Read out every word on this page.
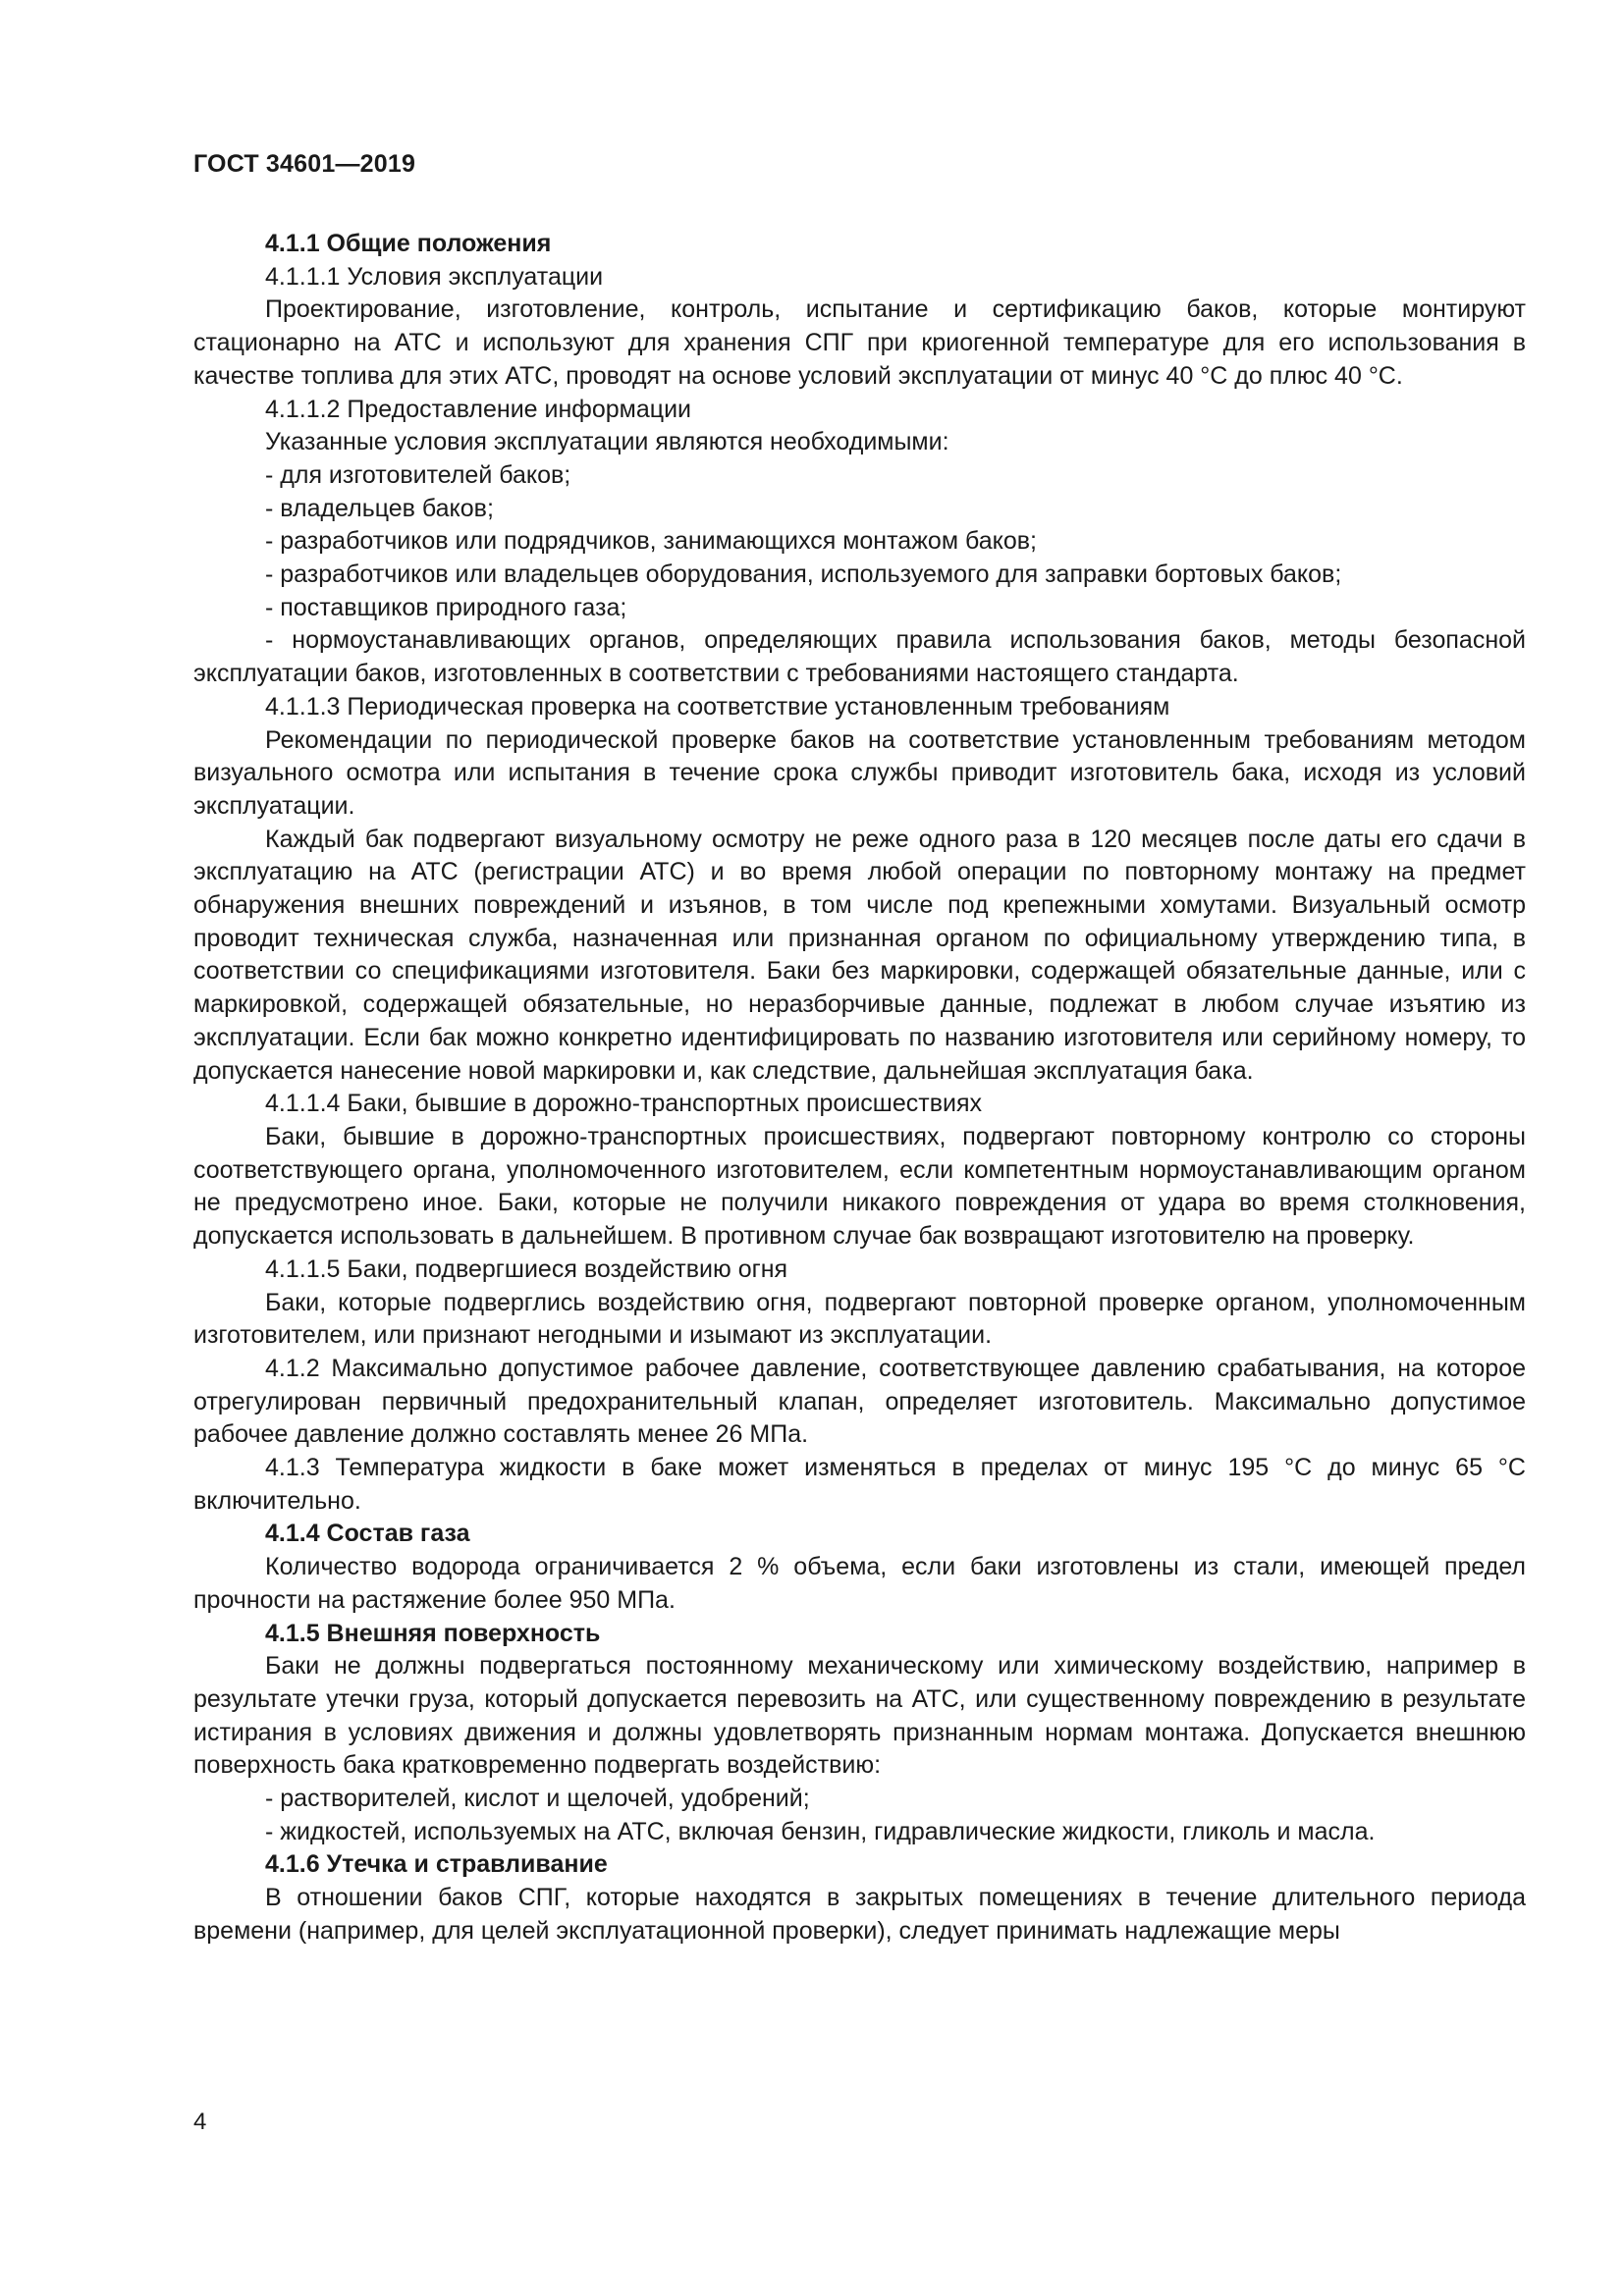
ГОСТ 34601—2019

4.1.1 Общие положения

4.1.1.1 Условия эксплуатации

Проектирование, изготовление, контроль, испытание и сертификацию баков, которые монтируют стационарно на АТС и используют для хранения СПГ при криогенной температуре для его использования в качестве топлива для этих АТС, проводят на основе условий эксплуатации от минус 40 °С до плюс 40 °С.

4.1.1.2 Предоставление информации

Указанные условия эксплуатации являются необходимыми:

- для изготовителей баков;

- владельцев баков;

- разработчиков или подрядчиков, занимающихся монтажом баков;

- разработчиков или владельцев оборудования, используемого для заправки бортовых баков;

- поставщиков природного газа;

- нормоустанавливающих органов, определяющих правила использования баков, методы безопасной эксплуатации баков, изготовленных в соответствии с требованиями настоящего стандарта.

4.1.1.3 Периодическая проверка на соответствие установленным требованиям

Рекомендации по периодической проверке баков на соответствие установленным требованиям методом визуального осмотра или испытания в течение срока службы приводит изготовитель бака, исходя из условий эксплуатации.

Каждый бак подвергают визуальному осмотру не реже одного раза в 120 месяцев после даты его сдачи в эксплуатацию на АТС (регистрации АТС) и во время любой операции по повторному монтажу на предмет обнаружения внешних повреждений и изъянов, в том числе под крепежными хомутами. Визуальный осмотр проводит техническая служба, назначенная или признанная органом по официальному утверждению типа, в соответствии со спецификациями изготовителя. Баки без маркировки, содержащей обязательные данные, или с маркировкой, содержащей обязательные, но неразборчивые данные, подлежат в любом случае изъятию из эксплуатации. Если бак можно конкретно идентифицировать по названию изготовителя или серийному номеру, то допускается нанесение новой маркировки и, как следствие, дальнейшая эксплуатация бака.

4.1.1.4 Баки, бывшие в дорожно-транспортных происшествиях

Баки, бывшие в дорожно-транспортных происшествиях, подвергают повторному контролю со стороны соответствующего органа, уполномоченного изготовителем, если компетентным нормоустанавливающим органом не предусмотрено иное. Баки, которые не получили никакого повреждения от удара во время столкновения, допускается использовать в дальнейшем. В противном случае бак возвращают изготовителю на проверку.

4.1.1.5 Баки, подвергшиеся воздействию огня

Баки, которые подверглись воздействию огня, подвергают повторной проверке органом, уполномоченным изготовителем, или признают негодными и изымают из эксплуатации.

4.1.2 Максимально допустимое рабочее давление, соответствующее давлению срабатывания, на которое отрегулирован первичный предохранительный клапан, определяет изготовитель. Максимально допустимое рабочее давление должно составлять менее 26 МПа.

4.1.3 Температура жидкости в баке может изменяться в пределах от минус 195 °С до минус 65 °С включительно.

4.1.4 Состав газа

Количество водорода ограничивается 2 % объема, если баки изготовлены из стали, имеющей предел прочности на растяжение более 950 МПа.

4.1.5 Внешняя поверхность

Баки не должны подвергаться постоянному механическому или химическому воздействию, например в результате утечки груза, который допускается перевозить на АТС, или существенному повреждению в результате истирания в условиях движения и должны удовлетворять признанным нормам монтажа. Допускается внешнюю поверхность бака кратковременно подвергать воздействию:

- растворителей, кислот и щелочей, удобрений;

- жидкостей, используемых на АТС, включая бензин, гидравлические жидкости, гликоль и масла.

4.1.6 Утечка и стравливание

В отношении баков СПГ, которые находятся в закрытых помещениях в течение длительного периода времени (например, для целей эксплуатационной проверки), следует принимать надлежащие меры

4
